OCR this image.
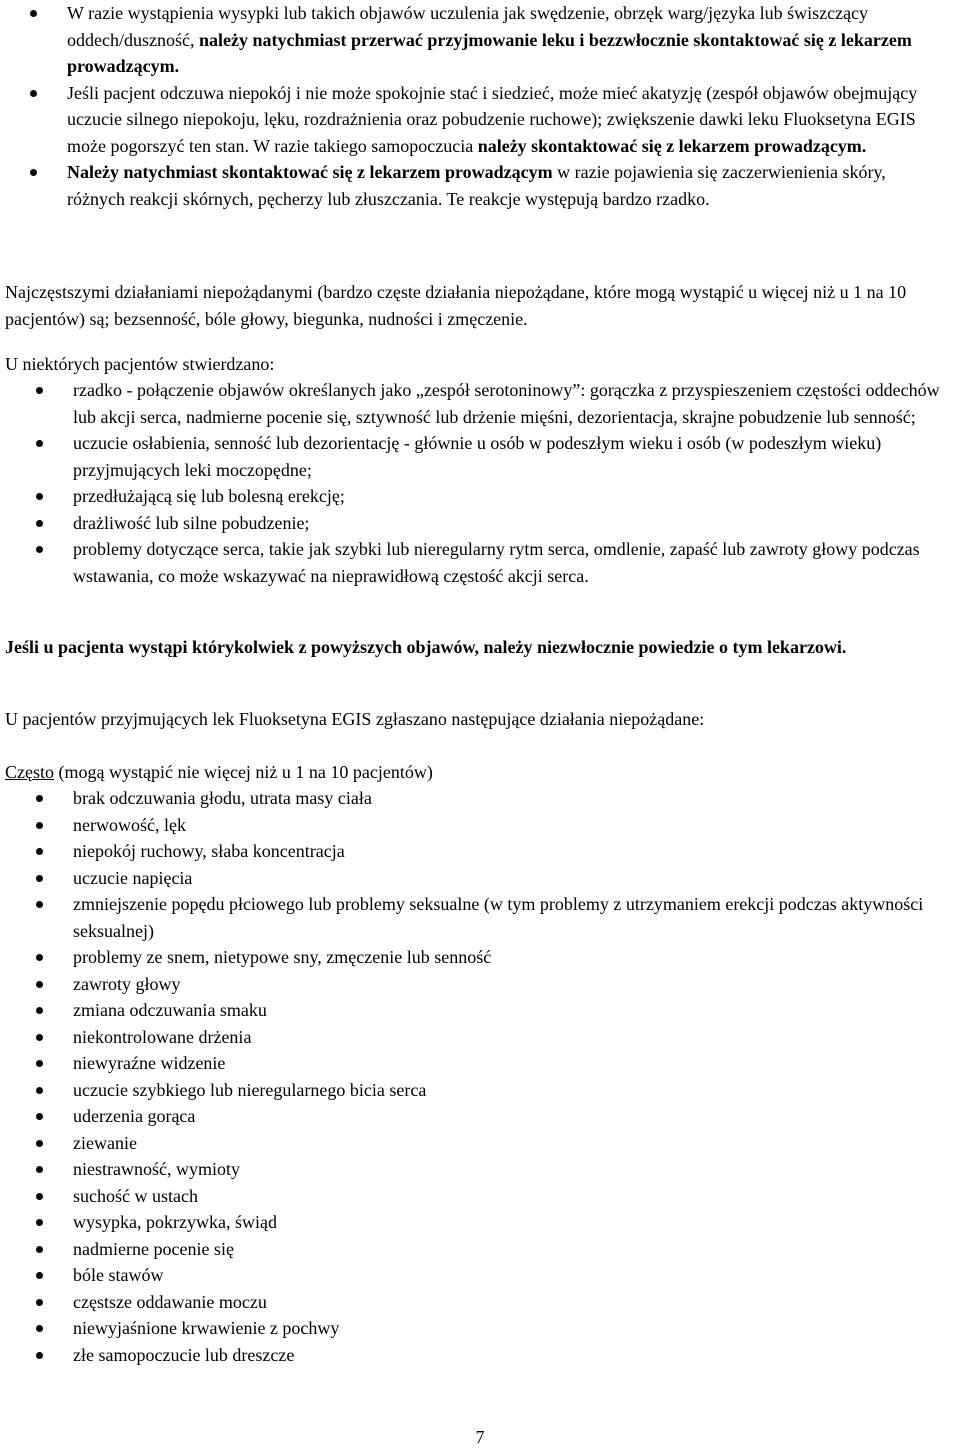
W razie wystąpienia wysypki lub takich objawów uczulenia jak swędzenie, obrzęk warg/języka lub świszczący oddech/duszność, należy natychmiast przerwać przyjmowanie leku i bezzwłocznie skontaktować się z lekarzem prowadzącym.
Jeśli pacjent odczuwa niepokój i nie może spokojnie stać i siedzieć, może mieć akatyzję (zespół objawów obejmujący uczucie silnego niepokoju, lęku, rozdrażnienia oraz pobudzenie ruchowe); zwiększenie dawki leku Fluoksetyna EGIS może pogorszyć ten stan. W razie takiego samopoczucia należy skontaktować się z lekarzem prowadzącym.
Należy natychmiast skontaktować się z lekarzem prowadzącym w razie pojawienia się zaczerwienienia skóry, różnych reakcji skórnych, pęcherzy lub złuszczania. Te reakcje występują bardzo rzadko.

Najczęstszymi działaniami niepożądanymi (bardzo częste działania niepożądane, które mogą wystąpić u więcej niż u 1 na 10 pacjentów) są; bezsenność, bóle głowy, biegunka, nudności i zmęczenie.

U niektórych pacjentów stwierdzano:

rzadko - połączenie objawów określanych jako „zespół serotoninowy”: gorączka z przyspieszeniem częstości oddechów lub akcji serca, nadmierne pocenie się, sztywność lub drżenie mięśni, dezorientacja, skrajne pobudzenie lub senność;
uczucie osłabienia, senność lub dezorientację - głównie u osób w podeszłym wieku i osób (w podeszłym wieku) przyjmujących leki moczopędne;
przedłużającą się lub bolesną erekcję;
drażliwość lub silne pobudzenie;
problemy dotyczące serca, takie jak szybki lub nieregularny rytm serca, omdlenie, zapaść lub zawroty głowy podczas wstawania, co może wskazywać na nieprawidłową częstość akcji serca.

Jeśli u pacjenta wystąpi którykolwiek z powyższych objawów, należy niezwłocznie powiedzie o tym lekarzowi.

U pacjentów przyjmujących lek Fluoksetyna EGIS zgłaszano następujące działania niepożądane:

Często (mogą wystąpić nie więcej niż u 1 na 10 pacjentów)

brak odczuwania głodu, utrata masy ciała
nerwowość, lęk
niepokój ruchowy, słaba koncentracja
uczucie napięcia
zmniejszenie popędu płciowego lub problemy seksualne (w tym problemy z utrzymaniem erekcji podczas aktywności seksualnej)
problemy ze snem, nietypowe sny, zmęczenie lub senność
zawroty głowy
zmiana odczuwania smaku
niekontrolowane drżenia
niewyraźne widzenie
uczucie szybkiego lub nieregularnego bicia serca
uderzenia gorąca
ziewanie
niestrawność, wymioty
suchość w ustach
wysypka, pokrzywka, świąd
nadmierne pocenie się
bóle stawów
częstsze oddawanie moczu
niewyjaśnione krwawienie z pochwy
złe samopoczucie lub dreszcze
7
